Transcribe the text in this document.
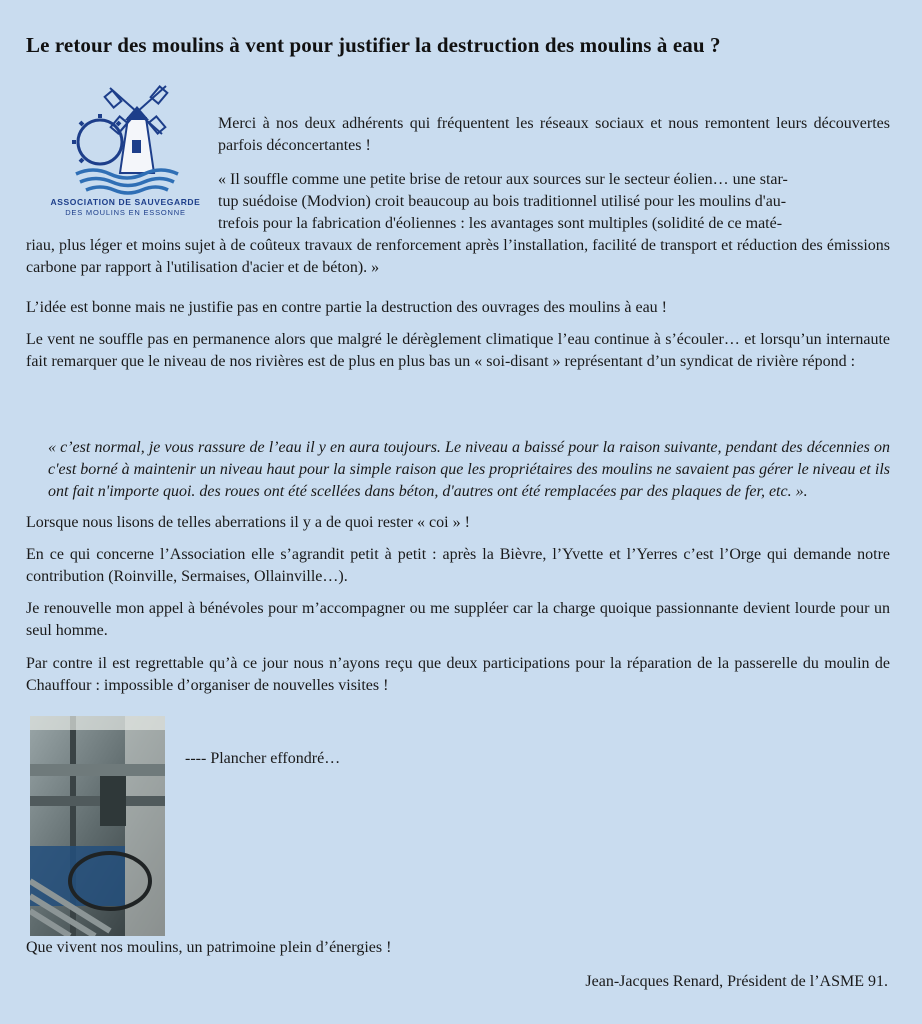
Le retour des moulins à vent pour justifier la destruction des moulins à eau ?
ASSOCIATION DE SAUVEGARDE
DES MOULINS EN ESSONNE

Merci à nos deux adhérents qui fréquentent les réseaux sociaux et nous remontent leurs découvertes parfois déconcertantes !

« Il souffle comme une petite brise de retour aux sources sur le secteur éolien… une star-

tup suédoise (Modvion) croit beaucoup au bois traditionnel utilisé pour les moulins d'au-

trefois pour la fabrication d'éoliennes : les avantages sont multiples (solidité de ce maté-

riau, plus léger et moins sujet à de coûteux travaux de renforcement après l’installation, facilité de transport et réduction des émissions carbone par rapport à l'utilisation d'acier et de béton). »

L’idée est bonne mais ne justifie pas en contre partie la destruction des ouvrages des moulins à eau !

Le vent ne souffle pas en permanence alors que malgré le dérèglement climatique l’eau continue à s’écouler… et lorsqu’un internaute fait remarquer que le niveau de nos rivières est de plus en plus bas un « soi-disant » représentant d’un syndicat de rivière répond :

« c’est normal, je vous rassure de l’eau il y en aura toujours. Le niveau a baissé pour la raison suivante, pendant des décennies on c'est borné à maintenir un niveau haut pour la simple raison que les propriétaires des moulins ne savaient pas gérer le niveau et ils ont fait n'importe quoi. des roues ont été scellées dans béton, d'autres ont été remplacées par des plaques de fer, etc. ».

Lorsque nous lisons de telles aberrations il y a de quoi rester « coi » !

En ce qui concerne l’Association elle s’agrandit petit à petit : après la Bièvre, l’Yvette et l’Yerres c’est l’Orge qui demande notre contribution (Roinville, Sermaises, Ollainville…).

Je renouvelle mon appel à bénévoles pour m’accompagner ou me suppléer car la charge quoique passionnante devient lourde pour un seul homme.

Par contre il est regrettable qu’à ce jour nous n’ayons reçu que deux participations pour la réparation de la passerelle du moulin de Chauffour : impossible d’organiser de nouvelles visites !

---- Plancher effondré…

Que vivent nos moulins, un patrimoine plein d’énergies !

Jean-Jacques Renard, Président de l’ASME 91.
